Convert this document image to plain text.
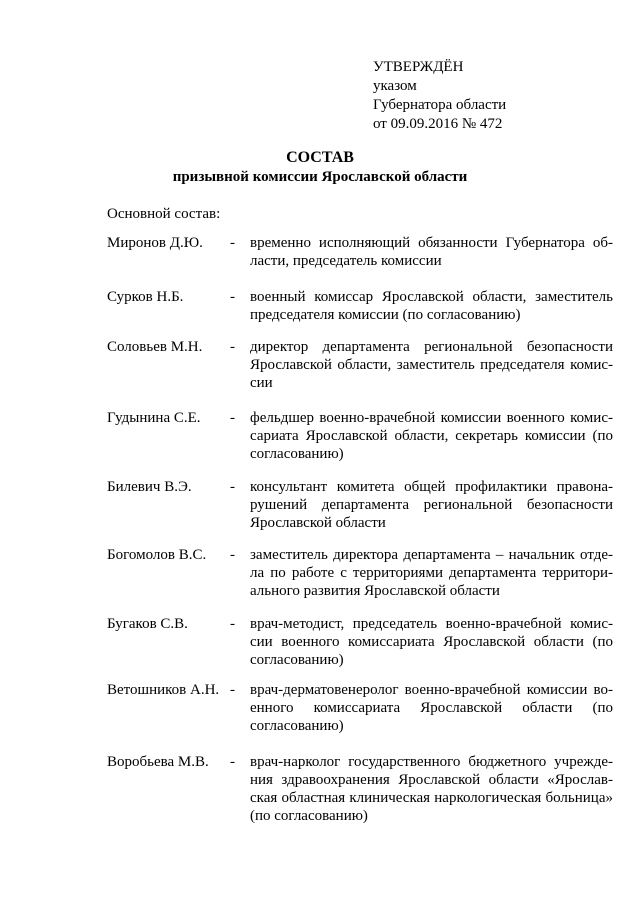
УТВЕРЖДЁН
указом
Губернатора области
от 09.09.2016 № 472
СОСТАВ
призывной комиссии Ярославской области
Основной состав:
Миронов Д.Ю. - временно исполняющий обязанности Губернатора области, председатель комиссии
Сурков Н.Б.	- военный комиссар Ярославской области, заместитель председателя комиссии (по согласованию)
Соловьев М.Н. - директор департамента региональной безопасности Ярославской области, заместитель председателя комиссии
Гудынина С.Е. - фельдшер военно-врачебной комиссии военного комиссариата Ярославской области, секретарь комиссии (по согласованию)
Билевич В.Э.	- консультант комитета общей профилактики правонарушений департамента региональной безопасности Ярославской области
Богомолов В.С. - заместитель директора департамента – начальник отдела по работе с территориями департамента территориального развития Ярославской области
Бугаков С.В.	- врач-методист, председатель военно-врачебной комиссии военного комиссариата Ярославской области (по согласованию)
Ветошников А.Н. - врач-дерматовенеролог военно-врачебной комиссии военного комиссариата Ярославской области (по согласованию)
Воробьева М.В. - врач-нарколог государственного бюджетного учреждения здравоохранения Ярославской области «Ярославская областная клиническая наркологическая больница» (по согласованию)
